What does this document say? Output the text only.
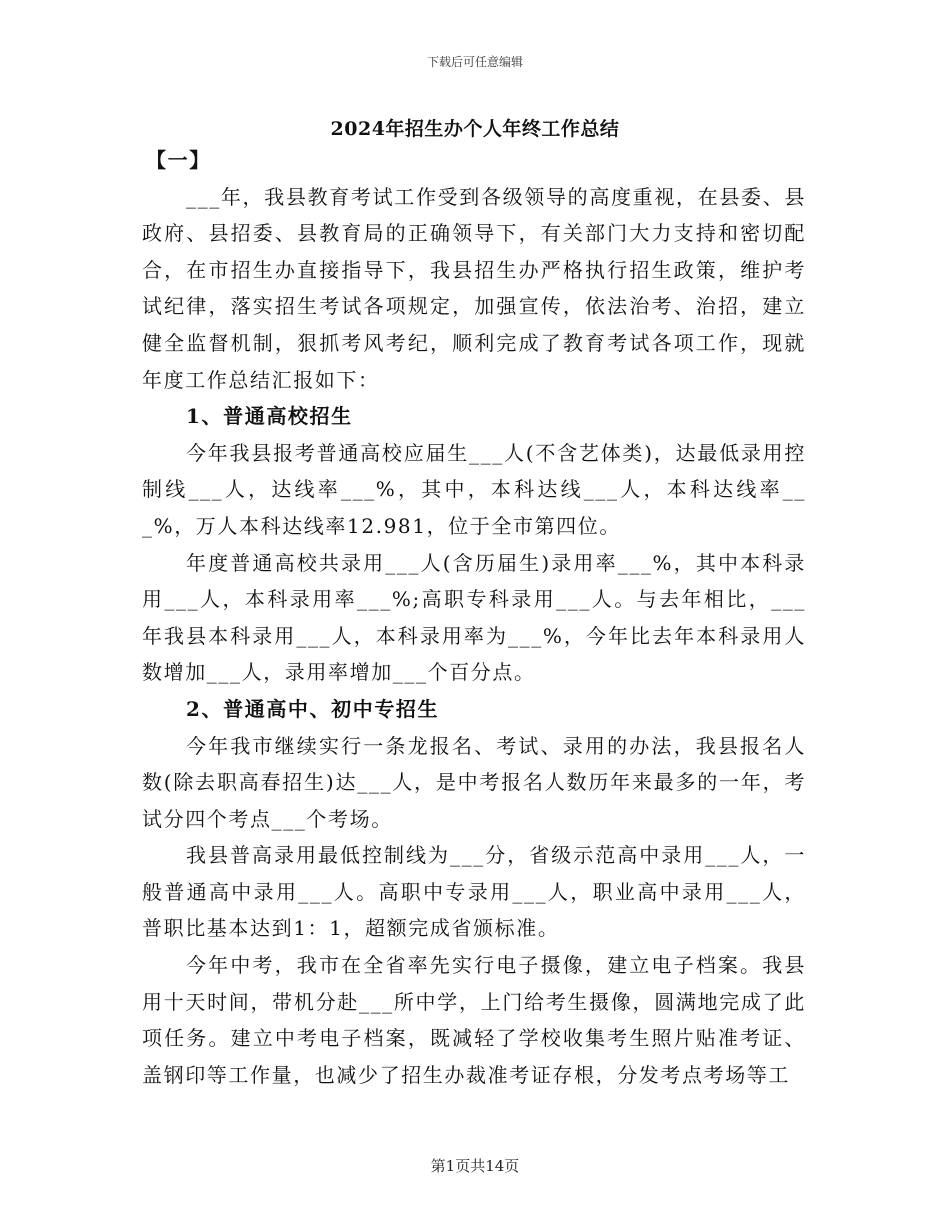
下载后可任意编辑
2024年招生办个人年终工作总结

【一】

___年，我县教育考试工作受到各级领导的高度重视，在县委、县政府、县招委、县教育局的正确领导下，有关部门大力支持和密切配合，在市招生办直接指导下，我县招生办严格执行招生政策，维护考试纪律，落实招生考试各项规定，加强宣传，依法治考、治招，建立健全监督机制，狠抓考风考纪，顺利完成了教育考试各项工作，现就年度工作总结汇报如下：

1、普通高校招生

今年我县报考普通高校应届生___人(不含艺体类)，达最低录用控制线___人，达线率___%，其中，本科达线___人，本科达线率___%，万人本科达线率12.981，位于全市第四位。

年度普通高校共录用___人(含历届生)录用率___%，其中本科录用___人，本科录用率___%;高职专科录用___人。与去年相比，___年我县本科录用___人，本科录用率为___%，今年比去年本科录用人数增加___人，录用率增加___个百分点。

2、普通高中、初中专招生

今年我市继续实行一条龙报名、考试、录用的办法，我县报名人数(除去职高春招生)达___人，是中考报名人数历年来最多的一年，考试分四个考点___个考场。

我县普高录用最低控制线为___分，省级示范高中录用___人，一般普通高中录用___人。高职中专录用___人，职业高中录用___人，普职比基本达到1：1，超额完成省颁标准。

今年中考，我市在全省率先实行电子摄像，建立电子档案。我县用十天时间，带机分赴___所中学，上门给考生摄像，圆满地完成了此项任务。建立中考电子档案，既减轻了学校收集考生照片贴准考证、盖钢印等工作量，也减少了招生办裁准考证存根，分发考点考场等工

第1页共14页
